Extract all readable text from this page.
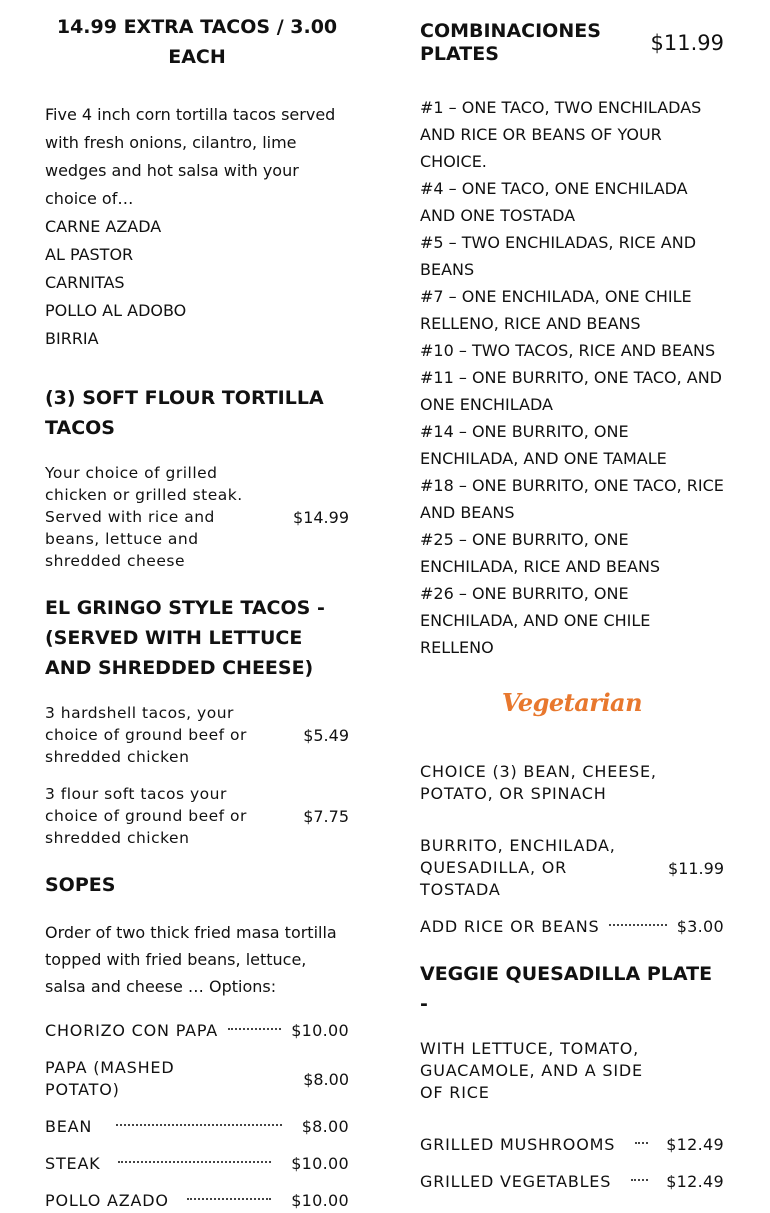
14.99 EXTRA TACOS / 3.00 EACH
Five 4 inch corn tortilla tacos served with fresh onions, cilantro, lime wedges and hot salsa with your choice of…
CARNE AZADA
AL PASTOR
CARNITAS
POLLO AL ADOBO
BIRRIA
(3) SOFT FLOUR TORTILLA TACOS
Your choice of grilled chicken or grilled steak. Served with rice and beans, lettuce and shredded cheese
$14.99
EL GRINGO STYLE TACOS - (SERVED WITH LETTUCE AND SHREDDED CHEESE)
3 hardshell tacos, your choice of ground beef or shredded chicken
$5.49
3 flour soft tacos your choice of ground beef or shredded chicken
$7.75
SOPES
Order of two thick fried masa tortilla topped with fried beans, lettuce, salsa and cheese … Options:
CHORIZO CON PAPA	$10.00
PAPA (MASHED POTATO)
$8.00
BEAN	$8.00
STEAK	$10.00
POLLO AZADO	$10.00
COMBINACIONES PLATES	$11.99
#1 – ONE TACO, TWO ENCHILADAS AND RICE OR BEANS OF YOUR CHOICE.
#4 – ONE TACO, ONE ENCHILADA AND ONE TOSTADA
#5 – TWO ENCHILADAS, RICE AND BEANS
#7 – ONE ENCHILADA, ONE CHILE RELLENO, RICE AND BEANS
#10 – TWO TACOS, RICE AND BEANS
#11 – ONE BURRITO, ONE TACO, AND ONE ENCHILADA
#14 – ONE BURRITO, ONE ENCHILADA, AND ONE TAMALE
#18 – ONE BURRITO, ONE TACO, RICE AND BEANS
#25 – ONE BURRITO, ONE ENCHILADA, RICE AND BEANS
#26 – ONE BURRITO, ONE ENCHILADA, AND ONE CHILE RELLENO
Vegetarian
CHOICE (3) BEAN, CHEESE, POTATO, OR SPINACH
BURRITO, ENCHILADA, QUESADILLA, OR TOSTADA
$11.99
ADD RICE OR BEANS	$3.00
VEGGIE QUESADILLA PLATE -
WITH LETTUCE, TOMATO, GUACAMOLE, AND A SIDE OF RICE
GRILLED MUSHROOMS	$12.49
GRILLED VEGETABLES	$12.49
